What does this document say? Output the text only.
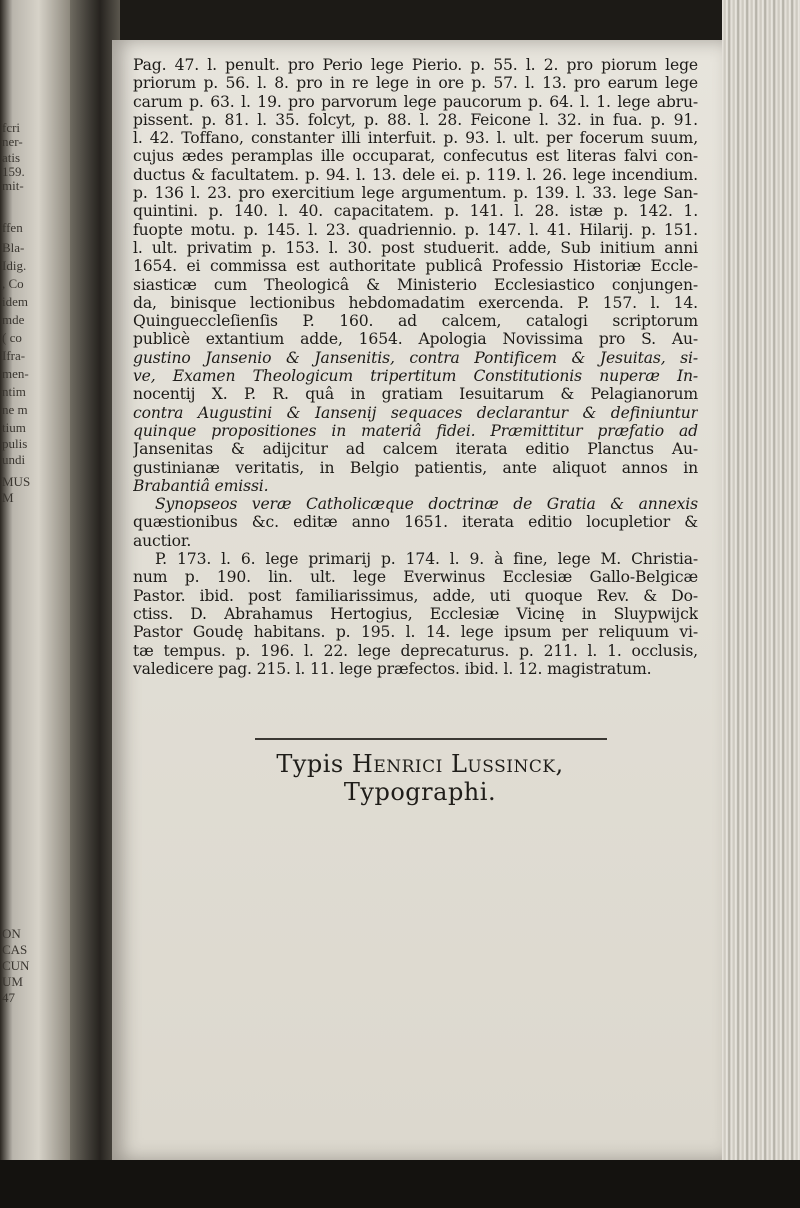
fcri
ner-
atis
159.
mit-
ffen
Bla-
Idig.
, Co
idem
mde
( co
Ifra-
men-
ntim
ne m
tium
pulis
undi
MUS
M
ON
CAS
CUN
UM
47
Pag. 47. l. penult. pro Perio lege Pierio. p. 55. l. 2. pro piorum lege
priorum p. 56. l. 8. pro in re lege in ore p. 57. l. 13. pro earum lege
carum p. 63. l. 19. pro parvorum lege paucorum p. 64. l. 1. lege abru-
pissent. p. 81. l. 35. folcyt, p. 88. l. 28. Feicone l. 32. in fua. p. 91.
l. 42. Toffano, constanter illi interfuit. p. 93. l. ult. per focerum suum,
cujus ædes peramplas ille occuparat, confecutus est literas falvi con-
ductus & facultatem. p. 94. l. 13. dele ei. p. 119. l. 26. lege incendium.
p. 136 l. 23. pro exercitium lege argumentum. p. 139. l. 33. lege San-
quintini. p. 140. l. 40. capacitatem. p. 141. l. 28. istæ p. 142. 1.
fuopte motu. p. 145. l. 23. quadriennio. p. 147. l. 41. Hilarij. p. 151.
l. ult. privatim p. 153. l. 30. post studuerit. adde, Sub initium anni
1654. ei commissa est authoritate publicâ Professio Historiæ Eccle-
siasticæ cum Theologicâ & Ministerio Ecclesiastico conjungen-
da, binisque lectionibus hebdomadatim exercenda. P. 157. l. 14.
Quingueccleſienſis P. 160. ad calcem, catalogi scriptorum
publicè extantium adde, 1654. Apologia Novissima pro S. Au-
gustino Jansenio & Jansenitis, contra Pontificem & Jesuitas, si-
ve, Examen Theologicum tripertitum Constitutionis nuperæ In-
nocentij X. P. R. quâ in gratiam Iesuitarum & Pelagianorum
contra Augustini & Iansenij sequaces declarantur & definiuntur
quinque propositiones in materiâ fidei. Præmittitur præfatio ad
Jansenitas & adijcitur ad calcem iterata editio Planctus Au-
gustinianæ veritatis, in Belgio patientis, ante aliquot annos in
Brabantiâ emissi.
Synopseos veræ Catholicæque doctrinæ de Gratia & annexis
quæstionibus &c. editæ anno 1651. iterata editio locupletior &
auctior.
P. 173. l. 6. lege primarij p. 174. l. 9. à fine, lege M. Christia-
num p. 190. lin. ult. lege Everwinus Ecclesiæ Gallo-Belgicæ
Pastor. ibid. post familiarissimus, adde, uti quoque Rev. & Do-
ctiss. D. Abrahamus Hertogius, Ecclesiæ Vicinę in Sluypwijck
Pastor Goudę habitans. p. 195. l. 14. lege ipsum per reliquum vi-
tæ tempus. p. 196. l. 22. lege deprecaturus. p. 211. l. 1. occlusis,
valedicere pag. 215. l. 11. lege præfectos. ibid. l. 12. magistratum.
Typis Henrici Lussinck, Typographi.
